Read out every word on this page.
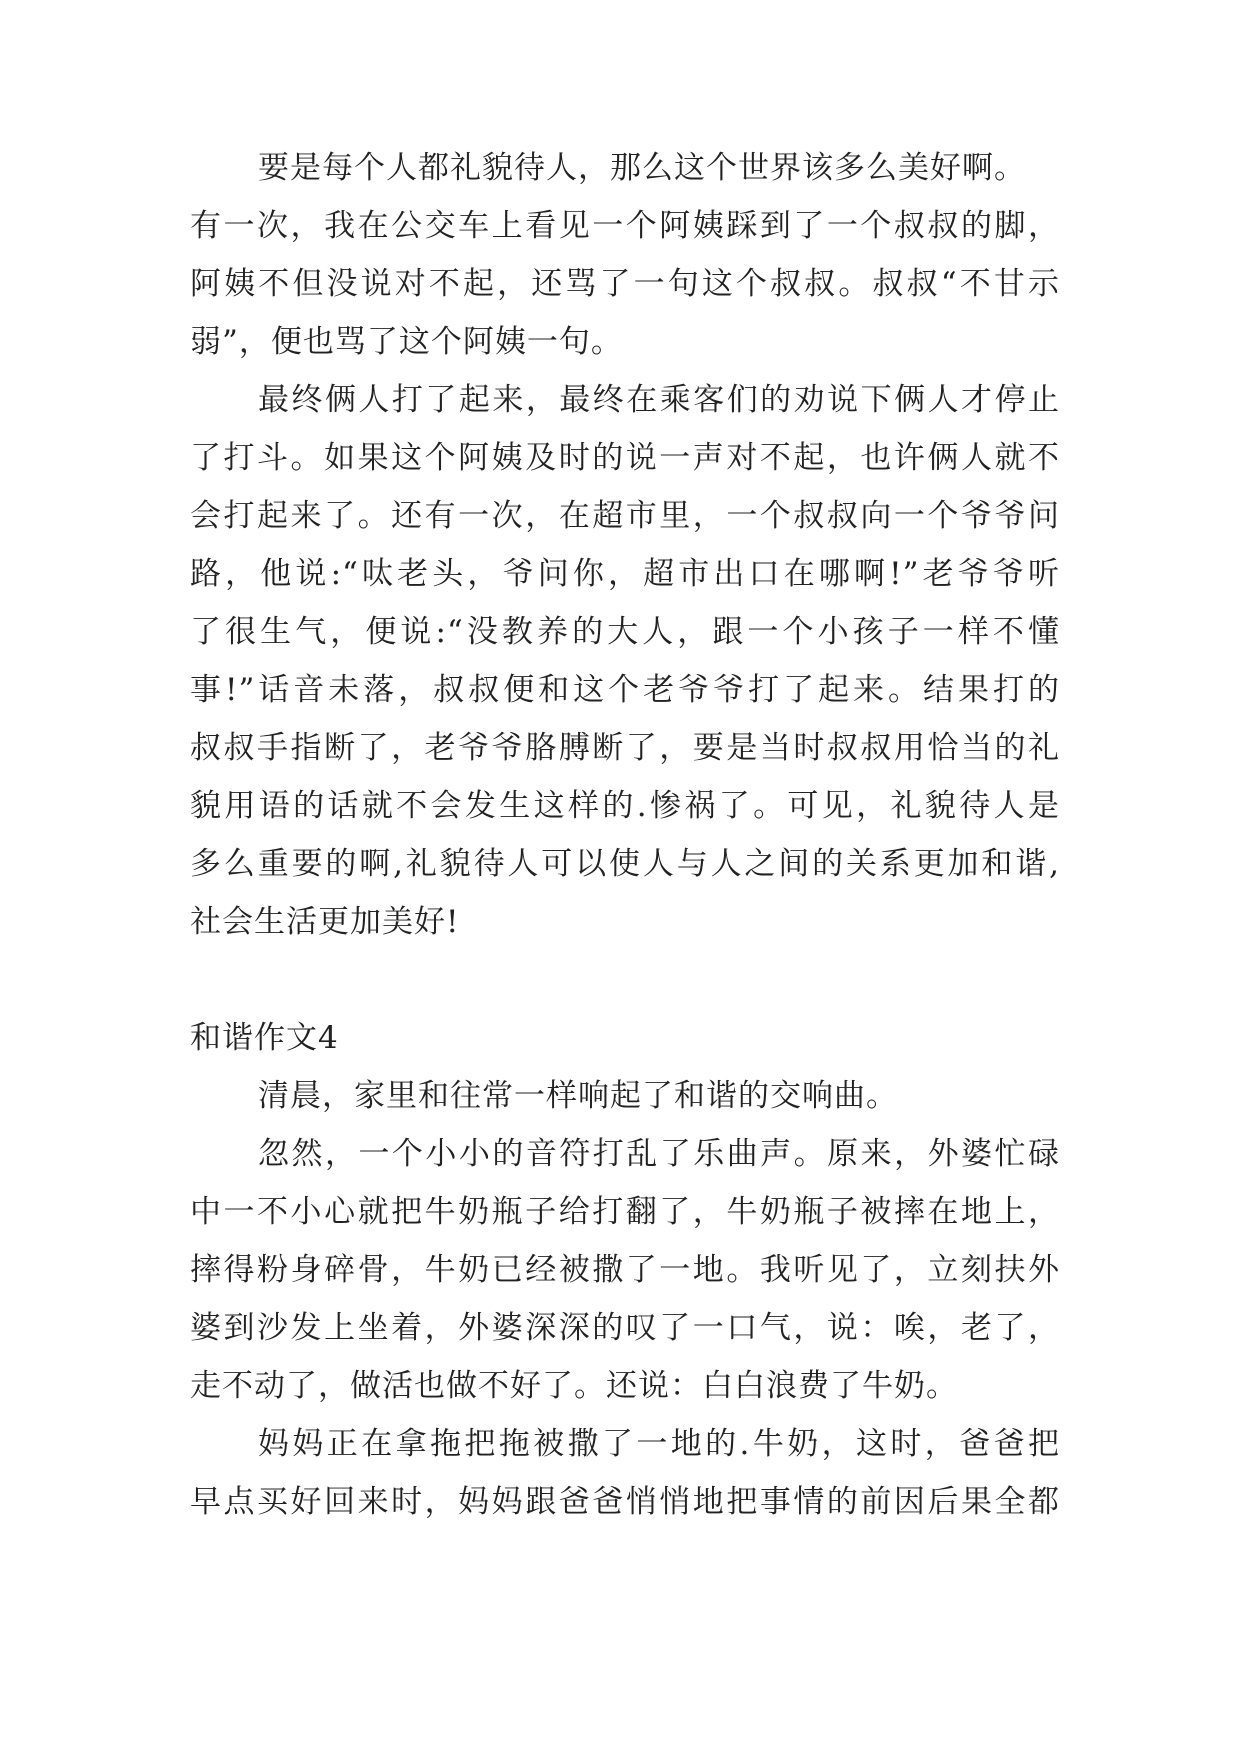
要是每个人都礼貌待人，那么这个世界该多么美好啊。
有一次，我在公交车上看见一个阿姨踩到了一个叔叔的脚，
阿姨不但没说对不起，还骂了一句这个叔叔。叔叔“不甘示
弱”，便也骂了这个阿姨一句。
最终俩人打了起来，最终在乘客们的劝说下俩人才停止
了打斗。如果这个阿姨及时的说一声对不起，也许俩人就不
会打起来了。还有一次，在超市里，一个叔叔向一个爷爷问
路，他说:“呔老头，爷问你，超市出口在哪啊!”老爷爷听
了很生气，便说:“没教养的大人，跟一个小孩子一样不懂
事!”话音未落，叔叔便和这个老爷爷打了起来。结果打的
叔叔手指断了，老爷爷胳膊断了，要是当时叔叔用恰当的礼
貌用语的话就不会发生这样的.惨祸了。可见，礼貌待人是
多么重要的啊,礼貌待人可以使人与人之间的关系更加和谐,
社会生活更加美好!
和谐作文4
清晨，家里和往常一样响起了和谐的交响曲。
忽然，一个小小的音符打乱了乐曲声。原来，外婆忙碌
中一不小心就把牛奶瓶子给打翻了，牛奶瓶子被摔在地上，
摔得粉身碎骨，牛奶已经被撒了一地。我听见了，立刻扶外
婆到沙发上坐着，外婆深深的叹了一口气，说：唉，老了，
走不动了，做活也做不好了。还说：白白浪费了牛奶。
妈妈正在拿拖把拖被撒了一地的.牛奶，这时，爸爸把
早点买好回来时，妈妈跟爸爸悄悄地把事情的前因后果全都
